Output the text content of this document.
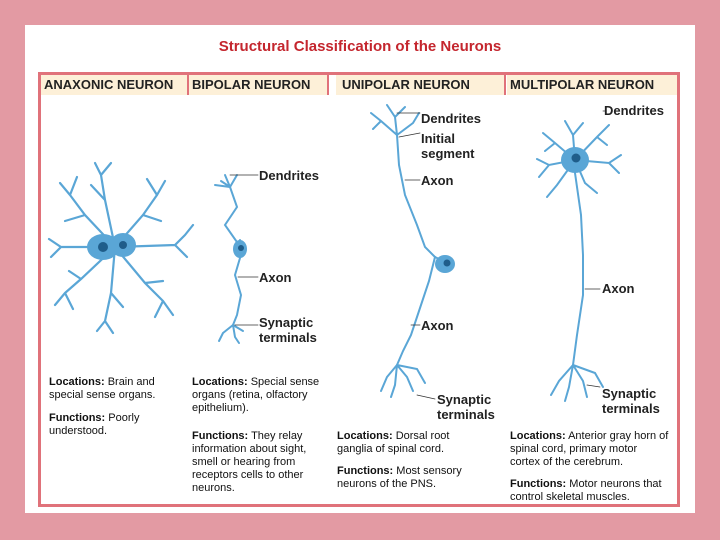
Structural Classification of the Neurons
ANAXONIC NEURON	BIPOLAR NEURON	UNIPOLAR NEURON	MULTIPOLAR NEURON
Dendrites
Axon
Synaptic
terminals
Dendrites
Initial
segment
Axon
Axon
Synaptic
terminals
Dendrites
Axon
Synaptic
terminals
Locations: Brain and special sense organs.
Functions: Poorly understood.
Locations: Special sense organs (retina, olfactory epithelium).
Functions: They relay information about sight, smell or hearing from receptors cells to other neurons.
Locations: Dorsal root ganglia of spinal cord.
Functions: Most sensory neurons of the PNS.
Locations: Anterior gray horn of spinal cord, primary motor cortex of the cerebrum.
Functions: Motor neurons that control skeletal muscles.
